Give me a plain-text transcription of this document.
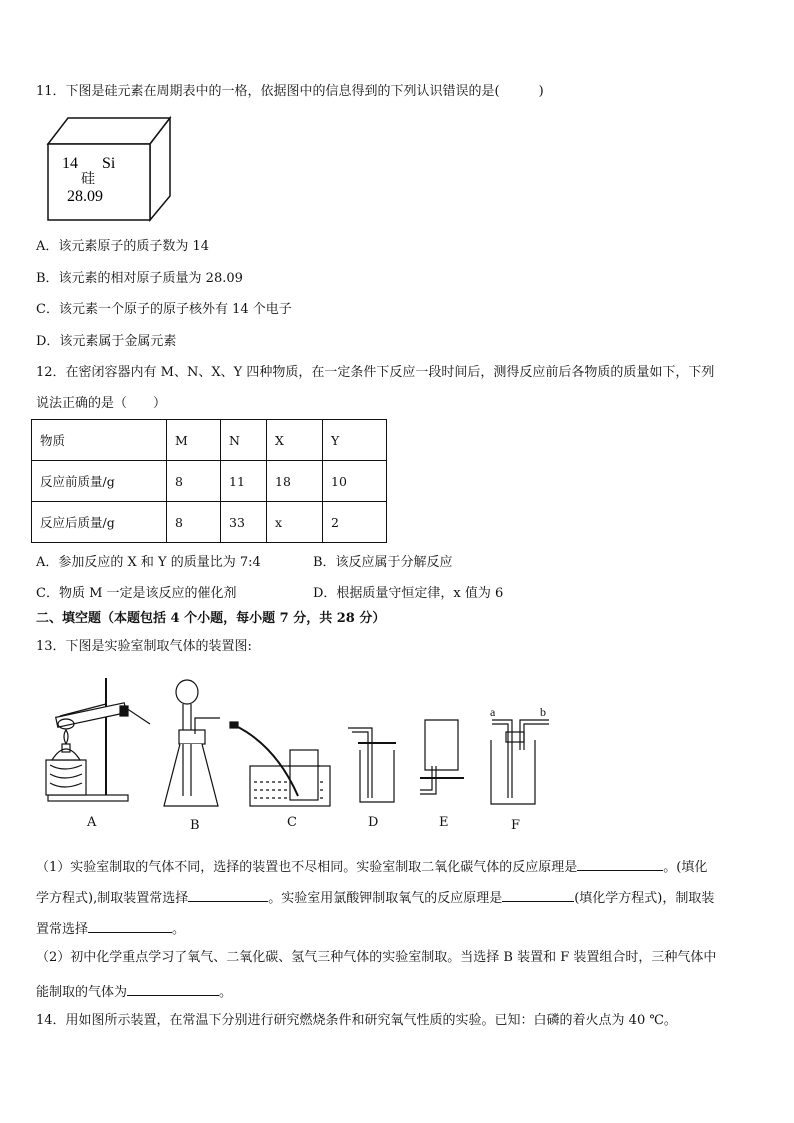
11．下图是硅元素在周期表中的一格，依据图中的信息得到的下列认识错误的是(　　　)
14 Si
硅
28.09
A．该元素原子的质子数为 14
B．该元素的相对原子质量为 28.09
C．该元素一个原子的原子核外有 14 个电子
D．该元素属于金属元素
12．在密闭容器内有 M、N、X、Y 四种物质，在一定条件下反应一段时间后，测得反应前后各物质的质量如下，下列
说法正确的是（　　）
物质	M	N	X	Y
反应前质量/g	8	11	18	10
反应后质量/g	8	33	x	2
A．参加反应的 X 和 Y 的质量比为 7:4	B．该反应属于分解反应
C．物质 M 一定是该反应的催化剂	D．根据质量守恒定律，x 值为 6
二、填空题（本题包括 4 个小题，每小题 7 分，共 28 分）
13．下图是实验室制取气体的装置图:
a	b
A	B	C	D	E	F
（1）实验室制取的气体不同，选择的装置也不尽相同。实验室制取二氧化碳气体的反应原理是	。(填化
学方程式),制取装置常选择	。实验室用氯酸钾制取氧气的反应原理是	(填化学方程式)，制取装
置常选择	。
（2）初中化学重点学习了氧气、二氧化碳、氢气三种气体的实验室制取。当选择 B 装置和 F 装置组合时，三种气体中
能制取的气体为	。
14．用如图所示装置，在常温下分别进行研究燃烧条件和研究氧气性质的实验。已知：白磷的着火点为 40 ℃。
